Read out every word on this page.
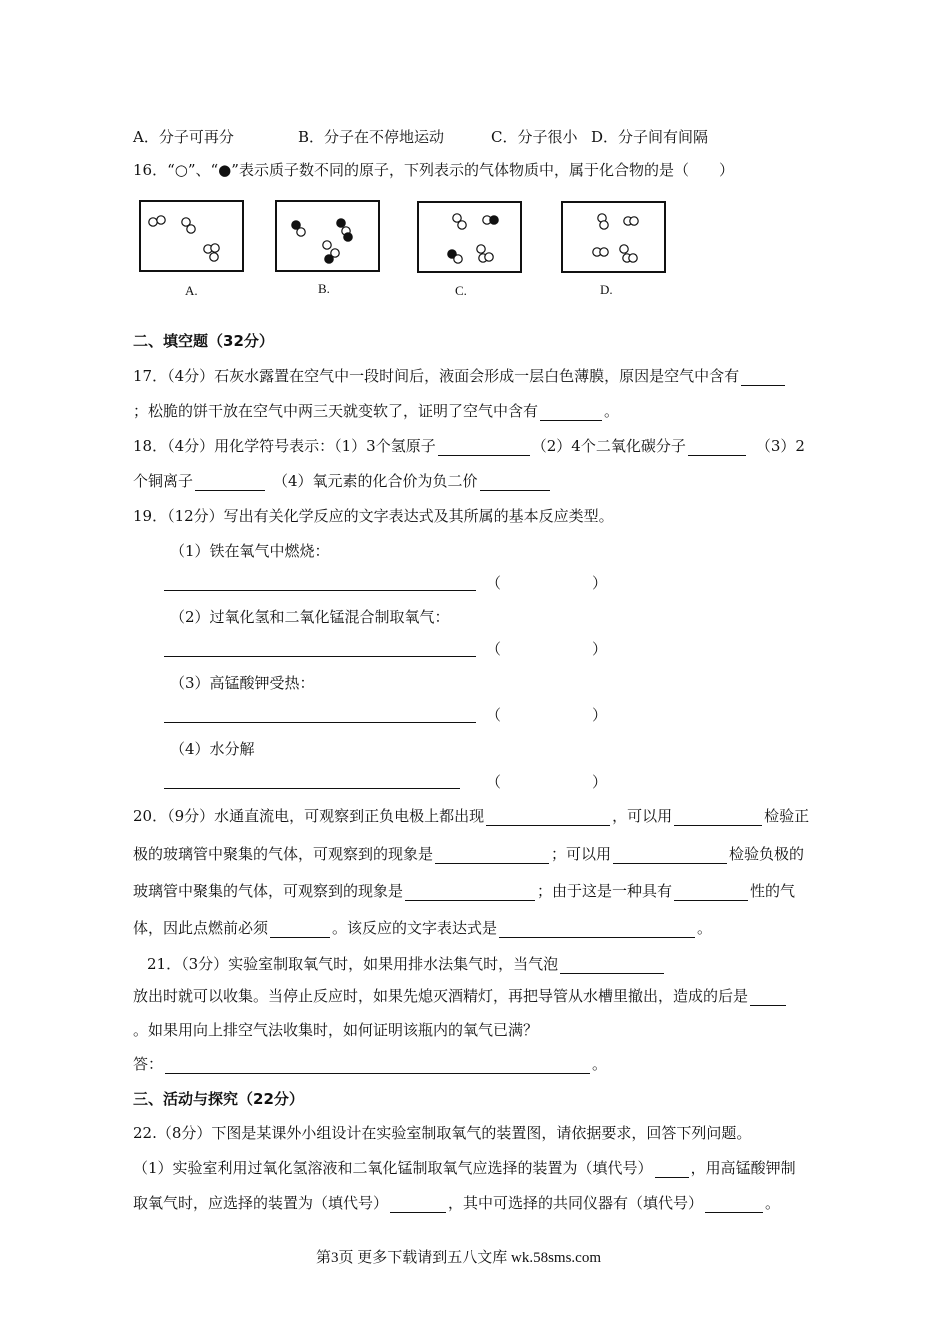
A．分子可再分	B．分子在不停地运动	C．分子很小 D．分子间有间隔
16．“○”、“●”表示质子数不同的原子，下列表示的气体物质中，属于化合物的是（　　）
A.	B.	C.	D.
二、填空题（32分）
17．（4分）石灰水露置在空气中一段时间后，液面会形成一层白色薄膜，原因是空气中含有
；松脆的饼干放在空气中两三天就变软了，证明了空气中含有	。
18．（4分）用化学符号表示：（1）3个氢原子	（2）4个二氧化碳分子	（3）2
个铜离子	（4）氧元素的化合价为负二价
19．（12分）写出有关化学反应的文字表达式及其所属的基本反应类型。
（1）铁在氧气中燃烧：
（	）
（2）过氧化氢和二氧化锰混合制取氧气：
（	）
（3）高锰酸钾受热：
（	）
（4）水分解
（	）
20．（9分）水通直流电，可观察到正负电极上都出现	，可以用	检验正
极的玻璃管中聚集的气体，可观察到的现象是	；可以用	检验负极的
玻璃管中聚集的气体，可观察到的现象是	；由于这是一种具有	性的气
体，因此点燃前必须	。该反应的文字表达式是	。
21．（3分）实验室制取氧气时，如果用排水法集气时，当气泡
放出时就可以收集。当停止反应时，如果先熄灭酒精灯，再把导管从水槽里撤出，造成的后是
。如果用向上排空气法收集时，如何证明该瓶内的氧气已满？
答：	。
三、活动与探究（22分）
22.（8分）下图是某课外小组设计在实验室制取氧气的装置图，请依据要求，回答下列问题。
（1）实验室利用过氧化氢溶液和二氧化锰制取氧气应选择的装置为（填代号）	，用高锰酸钾制
取氧气时，应选择的装置为（填代号）	，其中可选择的共同仪器有（填代号）	。
第3页 更多下载请到五八文库 wk.58sms.com
